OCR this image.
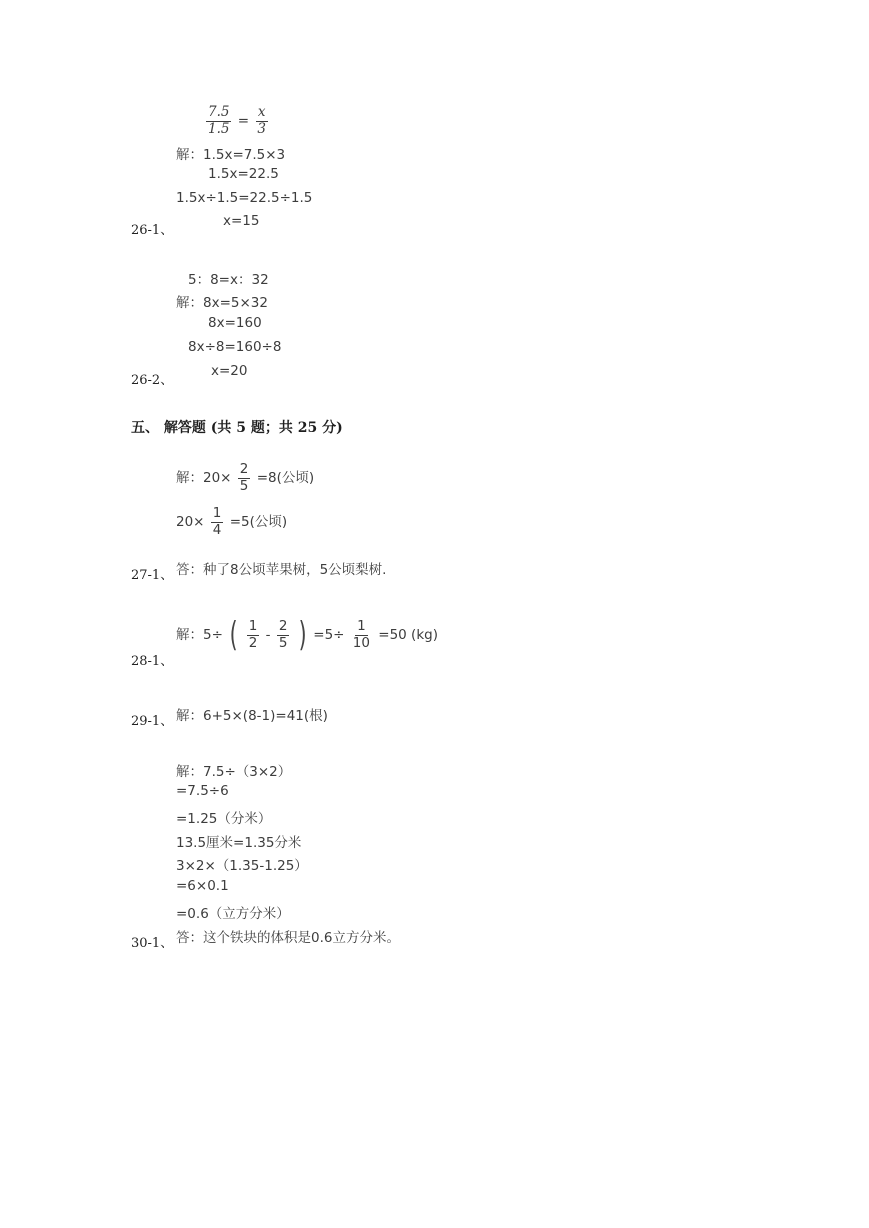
$\frac{7.5}{1.5} = \frac{x}{3}$
解：1.5x=7.5×3
1.5x=22.5
1.5x÷1.5=22.5÷1.5
x=15
26-1、
5：8=x：32
解：8x=5×32
8x=160
8x÷8=160÷8
x=20
26-2、
五、 解答题 (共 5 题；共 25 分)
解：$20\times \frac{2}{5} =8$(公顷)
$20\times \frac{1}{4} =5$(公顷)
27-1、 答：种了8公顷苹果树，5公顷梨树.
解：5÷ ( $\frac{1}{2} - \frac{2}{5}$ ) $=5\div \frac{1}{10} =50$ (kg)
28-1、
29-1、 解：6+5×(8-1)=41(根)
解：7.5÷（3×2）
=7.5÷6
=1.25（分米）
13.5厘米=1.35分米
3×2×（1.35-1.25）
=6×0.1
=0.6（立方分米）
答：这个铁块的体积是0.6立方分米。
30-1、
